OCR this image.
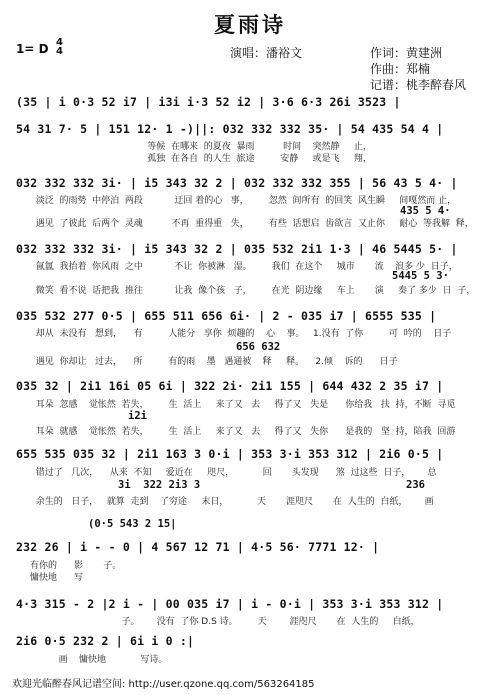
夏雨诗
演唱：潘裕文	作词：黄建洲
作曲：郑楠
记谱：桃李醉春风
1= D 4
4
(35 | i 0·3 52 i7 | i3i i·3 52 i2 | 3·6 6·3 26i 3523 |
54 31 7· 5 | 151 12· 1 -)||: 032 332 332 35· | 54 435 54 4 |
等候  在哪来  的夏夜  暴雨          时间    突然静     止，
孤独  在各自  的人生  旅途         安静     或是飞     翔，
032 332 332 3i· | i5 343 32 2 | 032 332 332 355 | 56 43 5 4· |
淡泛  的雨势  中停泊  两段           迂回 着的心   事，       忽然  间所有  的回笑  风生瞬     间嘎然而 止，
遇见  了彼此  后两个  灵魂          不再  重得重   失，       有些  话想启  齿欲言  又止你     耐心  等我解  释，
435 5 4·
032 332 332 3i· | i5 343 32 2 | 035 532 2i1 1·3 | 46 5445 5· |
氤氲  我抬着  你风雨  之中           不让  你被淋   湿。       我们  在这个     城市       流    浪多 少  日子，
微笑  看不说  话把我  推往           让我  像个孩   子，       在光  阴边缘     车上       演     奏了 多少  日  子，
5445 5 3·
035 532 277 0·5 | 655 511 656 6i· | 2 - 035 i7 | 6555 535 |
却从  未没有   想到，    有         人能分   享你  烦趣的    心    事。   1.没有  了你         可  吟的    日子
遇见  你却让   过去，    所         有的雨    墨   遇通被    释     释。    2.倾    诉的      日子
656 632
035 32 | 2i1 16i 05 6i | 322 2i· 2i1 155 | 644 432 2 35 i7 |
耳朵  忽感    觉怅然  若失，       生  活上     来了又   去     得了又   失是      你给我   扶  持，不断  寻觅
耳朵  就感    觉怅然  若失，       生  活上     来了又   去     得了又   失你      是我的   坚  持，陪我  回游
i2i
655 535 035 32 | 2i1 163 3 0·i | 353 3·i 353 312 | 2i6 0·5 |
错过了   几次，    从来  不知     爱近在     咫尺，          回       头发现      煞  过这些  日子，      总
余生的   日子，   就算  走到    了穷途     末日，          天       涯咫尺       在  人生的  白纸，      画
3i  322 2i3 3	236
(0·5 543 2 15|
232 26 | i - - 0 | 4 567 12 71 | 4·5 56· 7771 12· |
有你的      影       子。
慵快地      写
4·3 315 - 2 |2 i - | 00 035 i7 | i - 0·i | 353 3·i 353 312 |
子。      没有  了你 D.S 诗。       天        涯咫尺       在  人生的     白纸，
2i6 0·5 232 2 | 6i i 0 :|
画    慵快地            写诗。
欢迎光临醉春风记谱空间: http://user.qzone.qq.com/563264185
